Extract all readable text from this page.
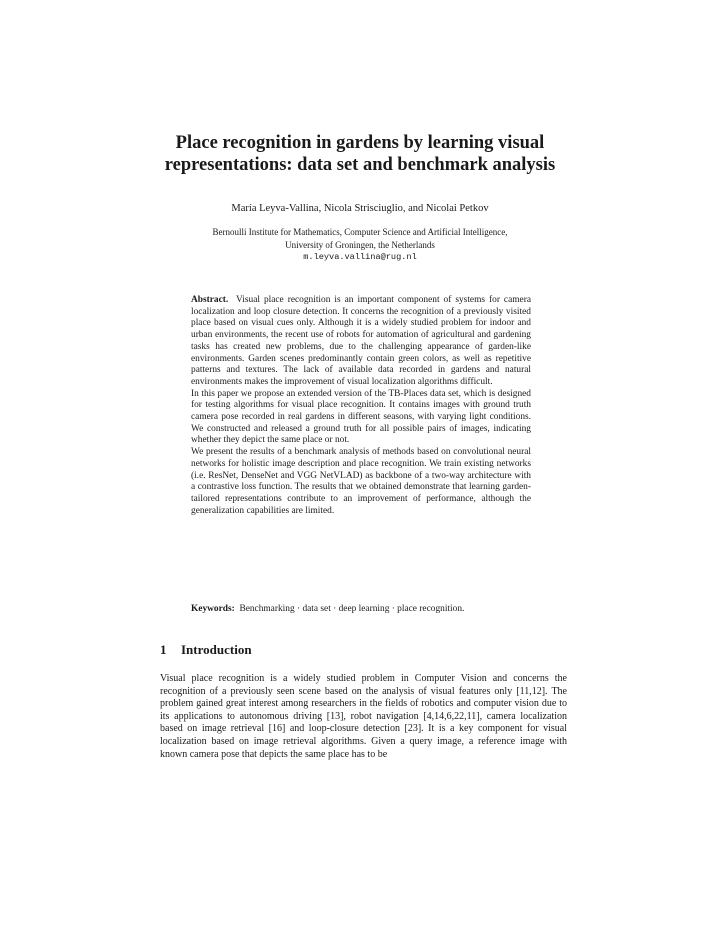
Place recognition in gardens by learning visual
representations: data set and benchmark analysis
María Leyva-Vallina, Nicola Strisciuglio, and Nicolai Petkov
Bernoulli Institute for Mathematics, Computer Science and Artificial Intelligence,
University of Groningen, the Netherlands
m.leyva.vallina@rug.nl

Abstract. Visual place recognition is an important component of systems for camera localization and loop closure detection. It concerns the recognition of a previously visited place based on visual cues only. Although it is a widely studied problem for indoor and urban environments, the recent use of robots for automation of agricultural and gardening tasks has created new problems, due to the challenging appearance of garden-like environments. Garden scenes predominantly contain green colors, as well as repetitive patterns and textures. The lack of available data recorded in gardens and natural environments makes the improvement of visual localization algorithms difficult.

In this paper we propose an extended version of the TB-Places data set, which is designed for testing algorithms for visual place recognition. It contains images with ground truth camera pose recorded in real gardens in different seasons, with varying light conditions. We constructed and released a ground truth for all possible pairs of images, indicating whether they depict the same place or not.

We present the results of a benchmark analysis of methods based on convolutional neural networks for holistic image description and place recognition. We train existing networks (i.e. ResNet, DenseNet and VGG NetVLAD) as backbone of a two-way architecture with a contrastive loss function. The results that we obtained demonstrate that learning garden-tailored representations contribute to an improvement of performance, although the generalization capabilities are limited.

Keywords: Benchmarking · data set · deep learning · place recognition.
1 Introduction

Visual place recognition is a widely studied problem in Computer Vision and concerns the recognition of a previously seen scene based on the analysis of visual features only [11,12]. The problem gained great interest among researchers in the fields of robotics and computer vision due to its applications to autonomous driving [13], robot navigation [4,14,6,22,11], camera localization based on image retrieval [16] and loop-closure detection [23]. It is a key component for visual localization based on image retrieval algorithms. Given a query image, a reference image with known camera pose that depicts the same place has to be
